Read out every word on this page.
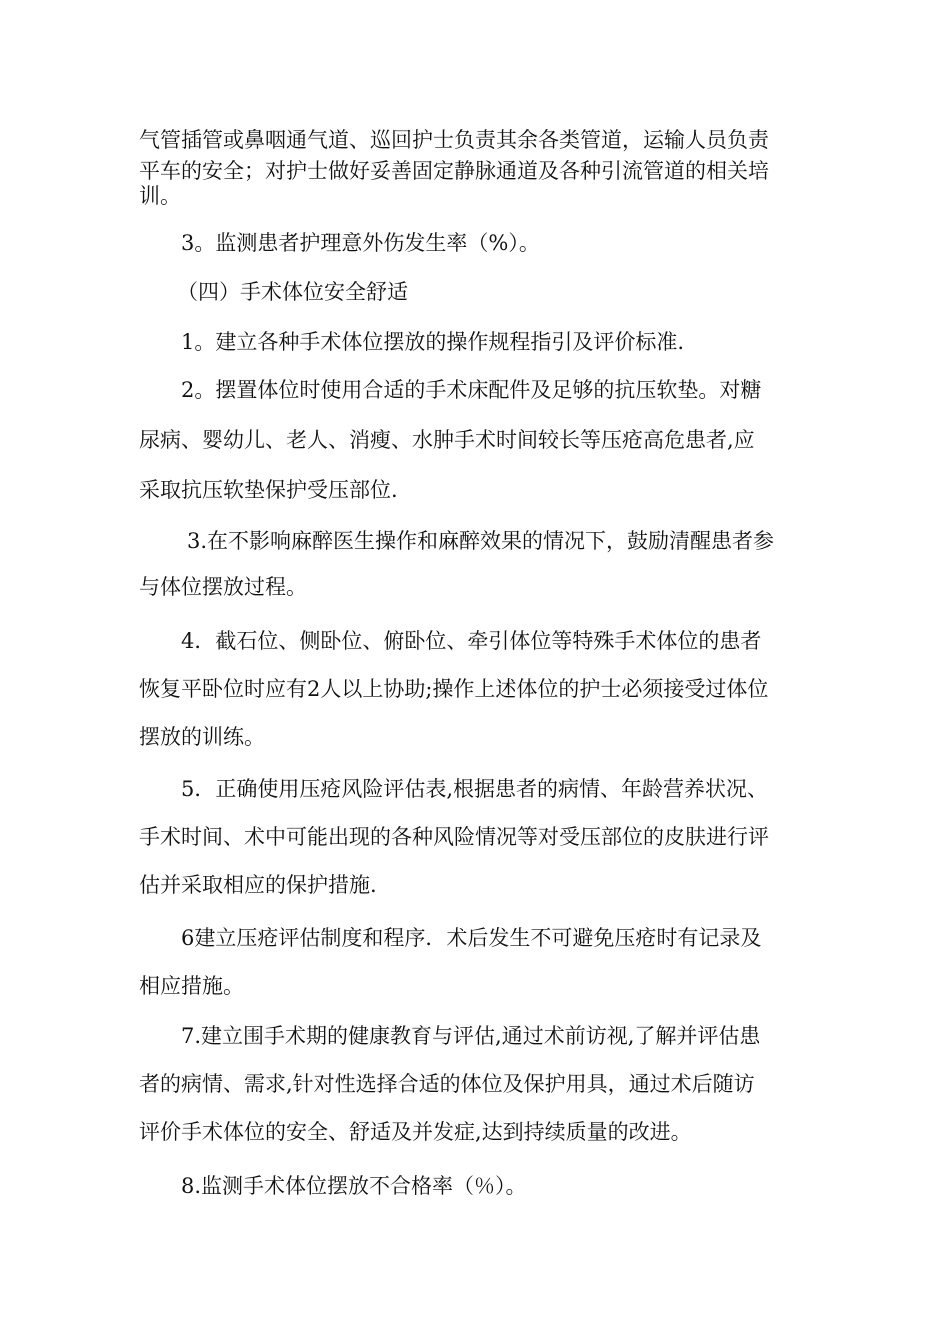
气管插管或鼻咽通气道、巡回护士负责其余各类管道，运输人员负责
平车的安全；对护士做好妥善固定静脉通道及各种引流管道的相关培
训。

3。监测患者护理意外伤发生率（%）。

（四）手术体位安全舒适

1。建立各种手术体位摆放的操作规程指引及评价标准.

2。摆置体位时使用合适的手术床配件及足够的抗压软垫。对糖
尿病、婴幼儿、老人、消瘦、水肿手术时间较长等压疮高危患者,应
采取抗压软垫保护受压部位.

3.在不影响麻醉医生操作和麻醉效果的情况下，鼓励清醒患者参
与体位摆放过程。

4．截石位、侧卧位、俯卧位、牵引体位等特殊手术体位的患者
恢复平卧位时应有2人以上协助;操作上述体位的护士必须接受过体位
摆放的训练。

5．正确使用压疮风险评估表,根据患者的病情、年龄营养状况、
手术时间、术中可能出现的各种风险情况等对受压部位的皮肤进行评
估并采取相应的保护措施.

6建立压疮评估制度和程序．术后发生不可避免压疮时有记录及
相应措施。

7.建立围手术期的健康教育与评估,通过术前访视,了解并评估患
者的病情、需求,针对性选择合适的体位及保护用具，通过术后随访
评价手术体位的安全、舒适及并发症,达到持续质量的改进。

8.监测手术体位摆放不合格率（％）。
